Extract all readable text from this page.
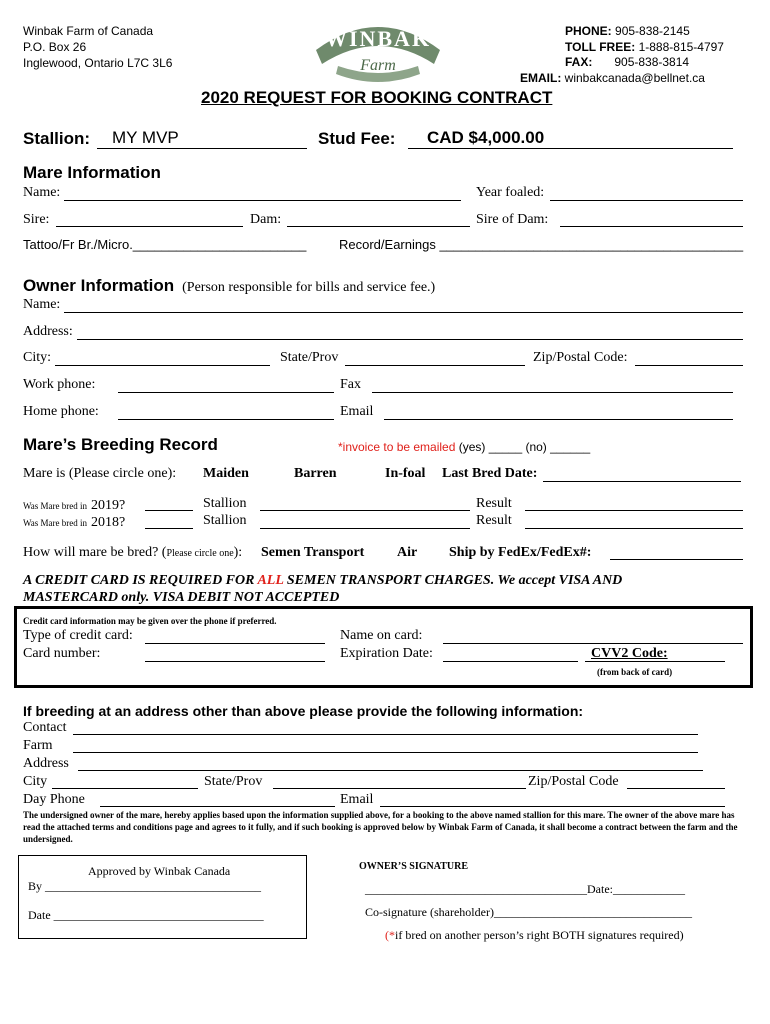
Winbak Farm of Canada
P.O. Box 26
Inglewood, Ontario L7C 3L6
WINBAK
Farm
PHONE: 905-838-2145
TOLL FREE: 1-888-815-4797
FAX: 905-838-3814
EMAIL: winbakcanada@bellnet.ca
2020 REQUEST FOR BOOKING CONTRACT
Stallion: MY MVP	Stud Fee: CAD $4,000.00
Mare Information
Name:	Year foaled:
Sire:	Dam:	Sire of Dam:
Tattoo/Fr Br./Micro.________________________	Record/Earnings __________________________________________
Owner Information (Person responsible for bills and service fee.)
Name:
Address:
City:	State/Prov	Zip/Postal Code:
Work phone:	Fax
Home phone:	Email
Mare’s Breeding Record	*invoice to be emailed (yes) _____ (no) ______
Mare is (Please circle one): Maiden	Barren	In-foal Last Bred Date:
Was Mare bred in 2019?	Stallion	Result
Was Mare bred in 2018?	Stallion	Result
How will mare be bred? (Please circle one): Semen Transport Air Ship by FedEx/FedEx#:
A CREDIT CARD IS REQUIRED FOR ALL SEMEN TRANSPORT CHARGES. We accept VISA AND
MASTERCARD only. VISA DEBIT NOT ACCEPTED
Credit card information may be given over the phone if preferred.
Type of credit card:	Name on card:
Card number:	Expiration Date:	CVV2 Code:
(from back of card)
If breeding at an address other than above please provide the following information:
Contact
Farm
Address
City	State/Prov	Zip/Postal Code
Day Phone	Email
The undersigned owner of the mare, hereby applies based upon the information supplied above, for a booking to the above named stallion for this mare. The owner of the above mare has read the attached terms and conditions page and agrees to it fully, and if such booking is approved below by Winbak Farm of Canada, it shall become a contract between the farm and the undersigned.
Approved by Winbak Canada
By ____________________________________
Date ___________________________________
OWNER’S SIGNATURE
_____________________________________Date:____________
Co-signature (shareholder)_________________________________
(*if bred on another person’s right BOTH signatures required)
